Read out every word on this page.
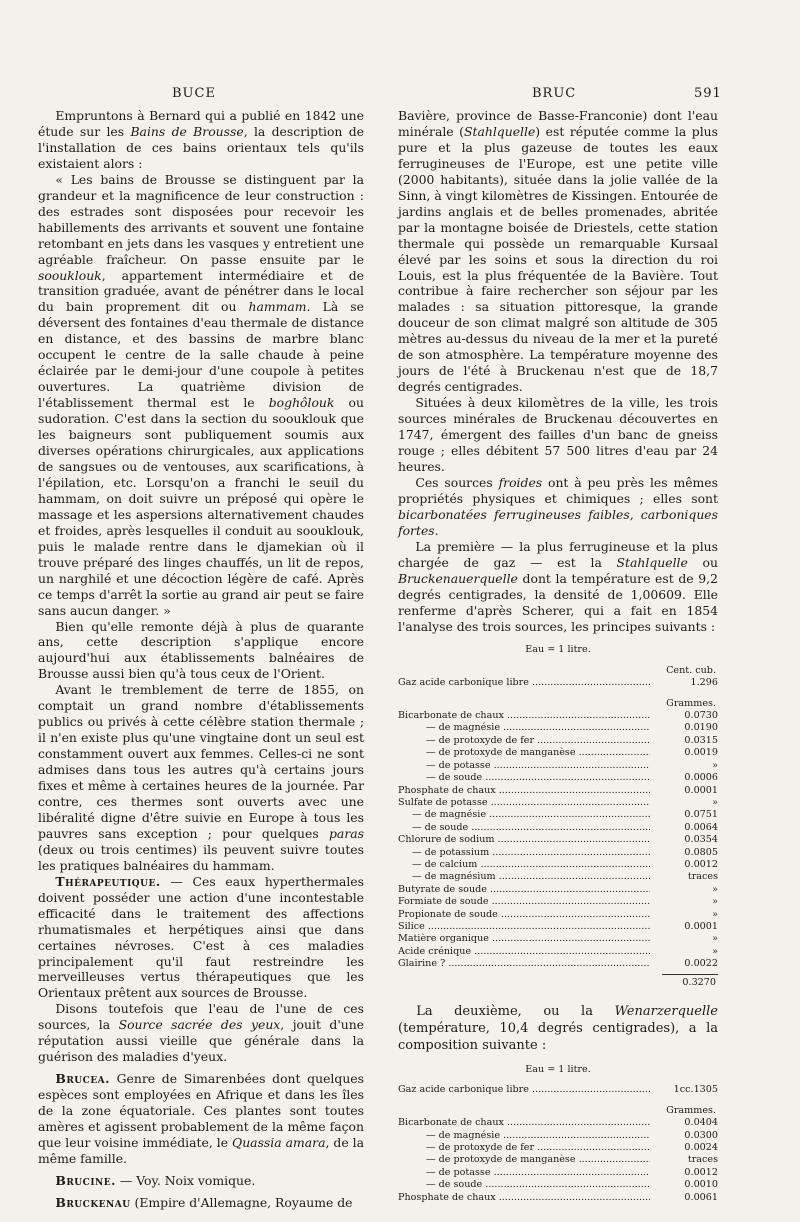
BUCE	BRUC	591

Empruntons à Bernard qui a publié en 1842 une étude sur les Bains de Brousse, la description de l'installation de ces bains orientaux tels qu'ils existaient alors :

« Les bains de Brousse se distinguent par la grandeur et la magnificence de leur construction : des estrades sont disposées pour recevoir les habillements des arrivants et souvent une fontaine retombant en jets dans les vasques y entretient une agréable fraîcheur. On passe ensuite par le soouklouk, appartement intermédiaire et de transition graduée, avant de pénétrer dans le local du bain proprement dit ou hammam. Là se déversent des fontaines d'eau thermale de distance en distance, et des bassins de marbre blanc occupent le centre de la salle chaude à peine éclairée par le demi-jour d'une coupole à petites ouvertures. La quatrième division de l'établissement thermal est le boghôlouk ou sudoration. C'est dans la section du soouklouk que les baigneurs sont publiquement soumis aux diverses opérations chirurgicales, aux applications de sangsues ou de ventouses, aux scarifications, à l'épilation, etc. Lorsqu'on a franchi le seuil du hammam, on doit suivre un préposé qui opère le massage et les aspersions alternativement chaudes et froides, après lesquelles il conduit au soouklouk, puis le malade rentre dans le djamekian où il trouve préparé des linges chauffés, un lit de repos, un narghilé et une décoction légère de café. Après ce temps d'arrêt la sortie au grand air peut se faire sans aucun danger. »

Bien qu'elle remonte déjà à plus de quarante ans, cette description s'applique encore aujourd'hui aux établissements balnéaires de Brousse aussi bien qu'à tous ceux de l'Orient.

Avant le tremblement de terre de 1855, on comptait un grand nombre d'établissements publics ou privés à cette célèbre station thermale ; il n'en existe plus qu'une vingtaine dont un seul est constamment ouvert aux femmes. Celles-ci ne sont admises dans tous les autres qu'à certains jours fixes et même à certaines heures de la journée. Par contre, ces thermes sont ouverts avec une libéralité digne d'être suivie en Europe à tous les pauvres sans exception ; pour quelques paras (deux ou trois centimes) ils peuvent suivre toutes les pratiques balnéaires du hammam.

Thérapeutique. — Ces eaux hyperthermales doivent posséder une action d'une incontestable efficacité dans le traitement des affections rhumatismales et herpétiques ainsi que dans certaines névroses. C'est à ces maladies principalement qu'il faut restreindre les merveilleuses vertus thérapeutiques que les Orientaux prêtent aux sources de Brousse.

Disons toutefois que l'eau de l'une de ces sources, la Source sacrée des yeux, jouit d'une réputation aussi vieille que générale dans la guérison des maladies d'yeux.

Brucea. Genre de Simarenbées dont quelques espèces sont employées en Afrique et dans les îles de la zone équatoriale. Ces plantes sont toutes amères et agissent probablement de la même façon que leur voisine immédiate, le Quassia amara, de la même famille.

Brucine. — Voy. Noix vomique.

Bruckenau (Empire d'Allemagne, Royaume de

Bavière, province de Basse-Franconie) dont l'eau minérale (Stahlquelle) est réputée comme la plus pure et la plus gazeuse de toutes les eaux ferrugineuses de l'Europe, est une petite ville (2000 habitants), située dans la jolie vallée de la Sinn, à vingt kilomètres de Kissingen. Entourée de jardins anglais et de belles promenades, abritée par la montagne boisée de Driestels, cette station thermale qui possède un remarquable Kursaal élevé par les soins et sous la direction du roi Louis, est la plus fréquentée de la Bavière. Tout contribue à faire rechercher son séjour par les malades : sa situation pittoresque, la grande douceur de son climat malgré son altitude de 305 mètres au-dessus du niveau de la mer et la pureté de son atmosphère. La température moyenne des jours de l'été à Bruckenau n'est que de 18,7 degrés centigrades.

Situées à deux kilomètres de la ville, les trois sources minérales de Bruckenau découvertes en 1747, émergent des failles d'un banc de gneiss rouge ; elles débitent 57 500 litres d'eau par 24 heures.

Ces sources froides ont à peu près les mêmes propriétés physiques et chimiques ; elles sont bicarbonatées ferrugineuses faibles, carboniques fortes.

La première — la plus ferrugineuse et la plus chargée de gaz — est la Stahlquelle ou Bruckenauerquelle dont la température est de 9,2 degrés centigrades, la densité de 1,00609. Elle renferme d'après Scherer, qui a fait en 1854 l'analyse des trois sources, les principes suivants :

Eau = 1 litre.
Cent. cub.
Gaz acide carbonique libre .....	1.296
Grammes.
Bicarbonate de chaux .....	0.0730
— de magnésie .....	0.0190
— de protoxyde de fer .....	0.0315
— de protoxyde de manganèse .....	0.0019
— de potasse .....	»
— de soude .....	0.0006
Phosphate de chaux .....	0.0001
Sulfate de potasse .....	»
— de magnésie .....	0.0751
— de soude .....	0.0064
Chlorure de sodium .....	0.0354
— de potassium .....	0.0805
— de calcium .....	0.0012
— de magnésium .....	traces
Butyrate de soude .....	»
Formiate de soude .....	»
Propionate de soude .....	»
Silice .....	0.0001
Matière organique .....	»
Acide crénique .....	»
Glairine ? .....	0.0022
0.3270

La deuxième, ou la Wenarzerquelle (température, 10,4 degrés centigrades), a la composition suivante :

Eau = 1 litre.
Gaz acide carbonique libre .....	1cc.1305
Grammes.
Bicarbonate de chaux .....	0.0404
— de magnésie .....	0.0300
— de protoxyde de fer .....	0.0024
— de protoxyde de manganèse .....	traces
— de potasse .....	0.0012
— de soude .....	0.0010
Phosphate de chaux .....	0.0061
